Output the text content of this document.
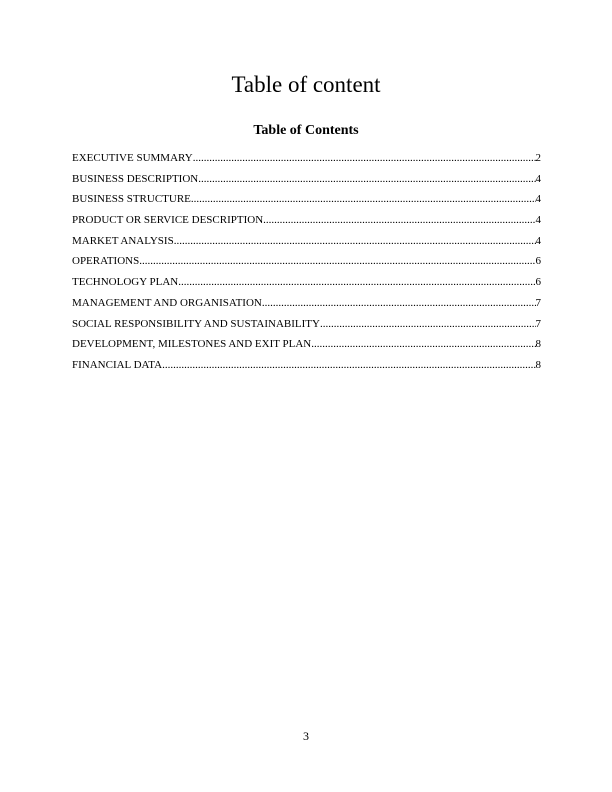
Table of content
Table of Contents
EXECUTIVE SUMMARY .....	2
BUSINESS DESCRIPTION .....	4
BUSINESS STRUCTURE .....	4
PRODUCT OR SERVICE DESCRIPTION .....	4
MARKET ANALYSIS .....	4
OPERATIONS .....	6
TECHNOLOGY PLAN .....	6
MANAGEMENT AND ORGANISATION .....	7
SOCIAL RESPONSIBILITY AND SUSTAINABILITY .....	7
DEVELOPMENT, MILESTONES AND EXIT PLAN .....	8
FINANCIAL DATA .....	8

3
